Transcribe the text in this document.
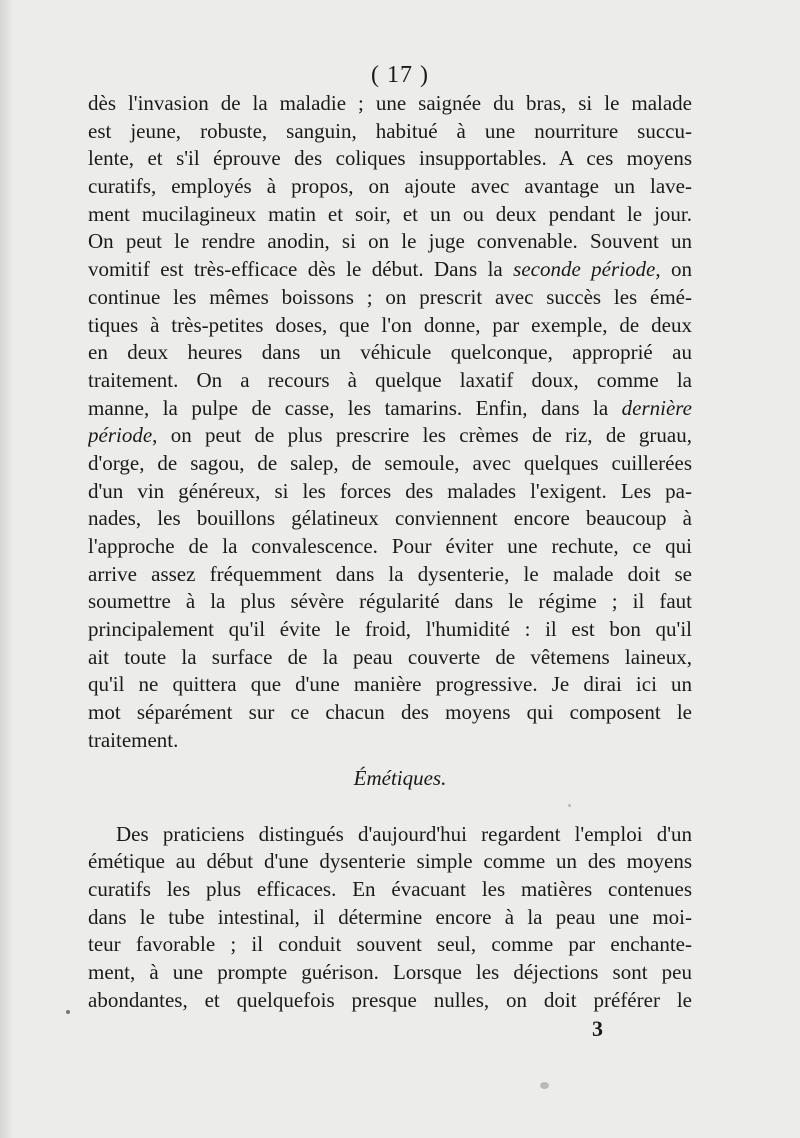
( 17 )
dès l'invasion de la maladie ; une saignée du bras, si le malade
est jeune, robuste, sanguin, habitué à une nourriture succu-
lente, et s'il éprouve des coliques insupportables. A ces moyens
curatifs, employés à propos, on ajoute avec avantage un lave-
ment mucilagineux matin et soir, et un ou deux pendant le jour.
On peut le rendre anodin, si on le juge convenable. Souvent un
vomitif est très-efficace dès le début. Dans la seconde période, on
continue les mêmes boissons ; on prescrit avec succès les émé-
tiques à très-petites doses, que l'on donne, par exemple, de deux
en deux heures dans un véhicule quelconque, approprié au
traitement. On a recours à quelque laxatif doux, comme la
manne, la pulpe de casse, les tamarins. Enfin, dans la dernière
période, on peut de plus prescrire les crèmes de riz, de gruau,
d'orge, de sagou, de salep, de semoule, avec quelques cuillerées
d'un vin généreux, si les forces des malades l'exigent. Les pa-
nades, les bouillons gélatineux conviennent encore beaucoup à
l'approche de la convalescence. Pour éviter une rechute, ce qui
arrive assez fréquemment dans la dysenterie, le malade doit se
soumettre à la plus sévère régularité dans le régime ; il faut
principalement qu'il évite le froid, l'humidité : il est bon qu'il
ait toute la surface de la peau couverte de vêtemens laineux,
qu'il ne quittera que d'une manière progressive. Je dirai ici un
mot séparément sur ce chacun des moyens qui composent le
traitement.
Émétiques.
Des praticiens distingués d'aujourd'hui regardent l'emploi d'un
émétique au début d'une dysenterie simple comme un des moyens
curatifs les plus efficaces. En évacuant les matières contenues
dans le tube intestinal, il détermine encore à la peau une moi-
teur favorable ; il conduit souvent seul, comme par enchante-
ment, à une prompte guérison. Lorsque les déjections sont peu
abondantes, et quelquefois presque nulles, on doit préférer le
3
